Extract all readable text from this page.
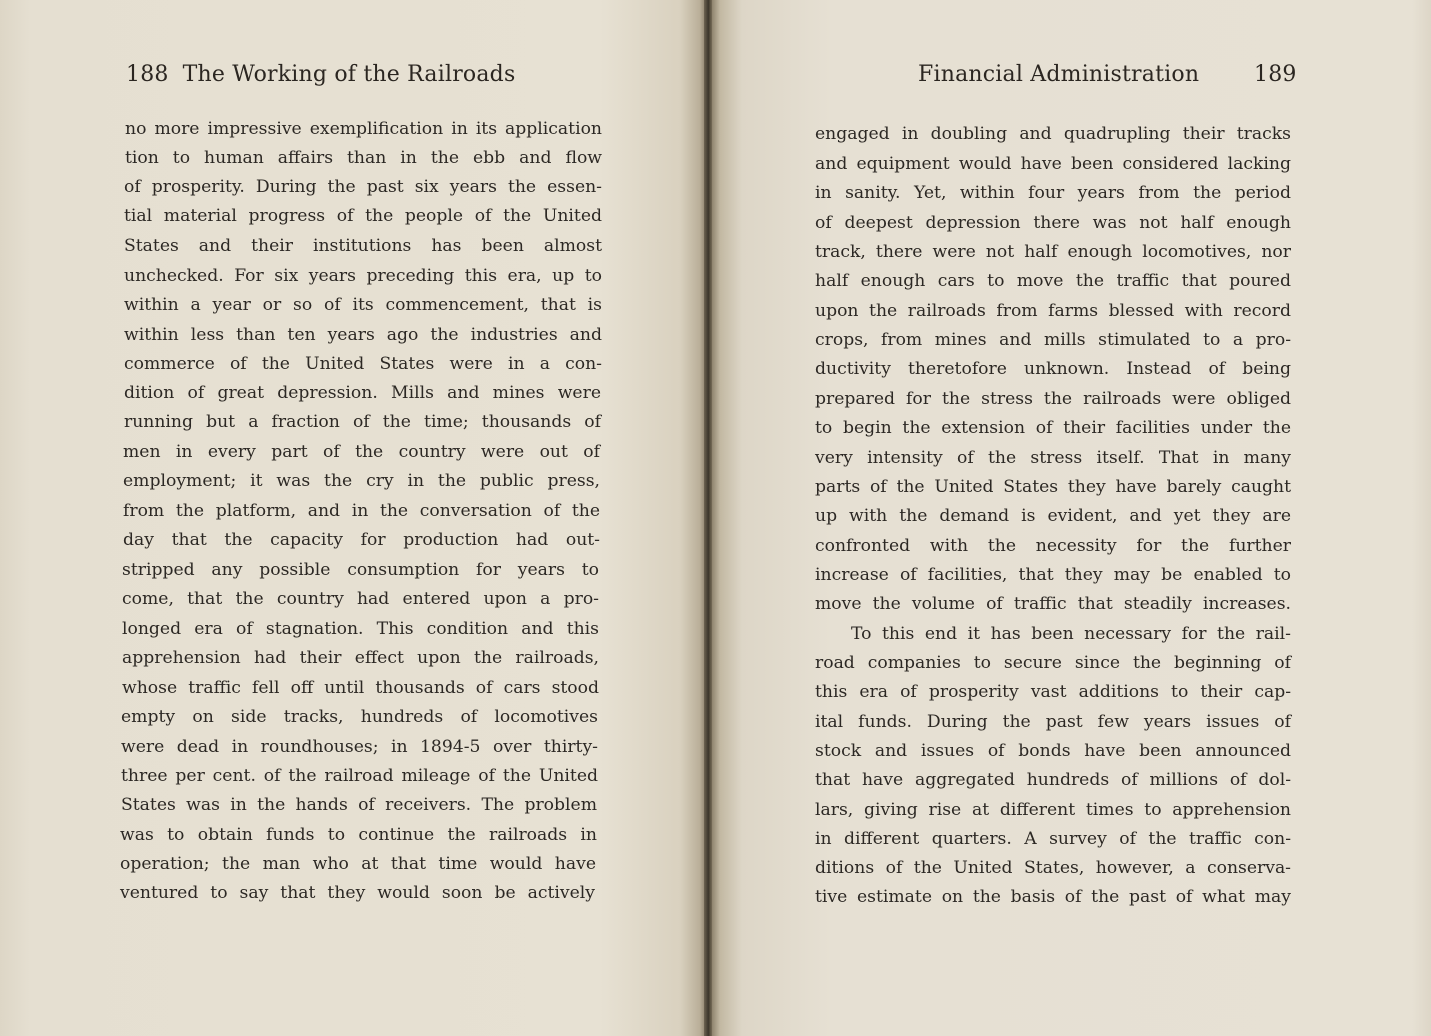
188 The Working of the Railroads
no more impressive exemplification in its application
tion to human affairs than in the ebb and flow
of prosperity. During the past six years the essen-
tial material progress of the people of the United
States and their institutions has been almost
unchecked. For six years preceding this era, up to
within a year or so of its commencement, that is
within less than ten years ago the industries and
commerce of the United States were in a con-
dition of great depression. Mills and mines were
running but a fraction of the time; thousands of
men in every part of the country were out of
employment; it was the cry in the public press,
from the platform, and in the conversation of the
day that the capacity for production had out-
stripped any possible consumption for years to
come, that the country had entered upon a pro-
longed era of stagnation. This condition and this
apprehension had their effect upon the railroads,
whose traffic fell off until thousands of cars stood
empty on side tracks, hundreds of locomotives
were dead in roundhouses; in 1894-5 over thirty-
three per cent. of the railroad mileage of the United
States was in the hands of receivers. The problem
was to obtain funds to continue the railroads in
operation; the man who at that time would have
ventured to say that they would soon be actively
Financial Administration 189
engaged in doubling and quadrupling their tracks
and equipment would have been considered lacking
in sanity. Yet, within four years from the period
of deepest depression there was not half enough
track, there were not half enough locomotives, nor
half enough cars to move the traffic that poured
upon the railroads from farms blessed with record
crops, from mines and mills stimulated to a pro-
ductivity theretofore unknown. Instead of being
prepared for the stress the railroads were obliged
to begin the extension of their facilities under the
very intensity of the stress itself. That in many
parts of the United States they have barely caught
up with the demand is evident, and yet they are
confronted with the necessity for the further
increase of facilities, that they may be enabled to
move the volume of traffic that steadily increases.
To this end it has been necessary for the rail-
road companies to secure since the beginning of
this era of prosperity vast additions to their cap-
ital funds. During the past few years issues of
stock and issues of bonds have been announced
that have aggregated hundreds of millions of dol-
lars, giving rise at different times to apprehension
in different quarters. A survey of the traffic con-
ditions of the United States, however, a conserva-
tive estimate on the basis of the past of what may
